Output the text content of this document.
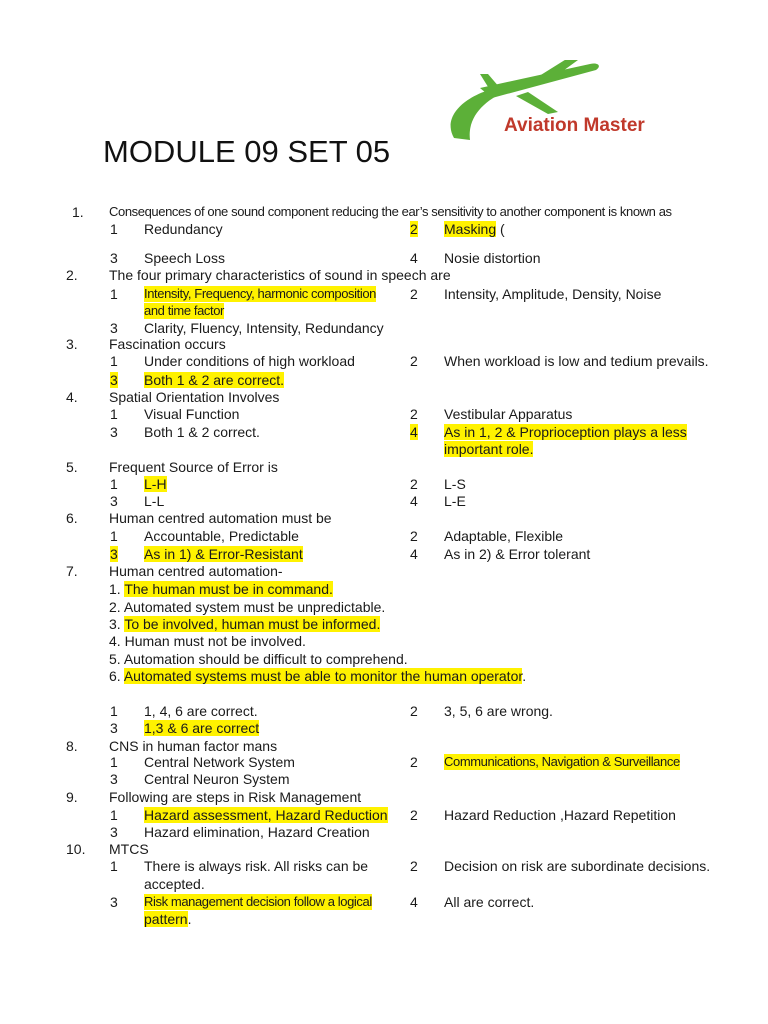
Aviation Master
MODULE 09 SET 05
1. Consequences of one sound component reducing the ear’s sensitivity to another component is known as
1 Redundancy	2 Masking (
3 Speech Loss	4 Nosie distortion
2. The four primary characteristics of sound in speech are
1 Intensity, Frequency, harmonic composition
and time factor
2 Intensity, Amplitude, Density, Noise
3 Clarity, Fluency, Intensity, Redundancy
3. Fascination occurs
1 Under conditions of high workload	2 When workload is low and tedium prevails.
3 Both 1 & 2 are correct.
4. Spatial Orientation Involves
1 Visual Function	2 Vestibular Apparatus
3 Both 1 & 2 correct.	4 As in 1, 2 & Proprioception plays a less
important role.
5. Frequent Source of Error is
1 L-H	2 L-S
3 L-L	4 L-E
6. Human centred automation must be
1 Accountable, Predictable	2 Adaptable, Flexible
3 As in 1) & Error-Resistant	4 As in 2) & Error tolerant
7. Human centred automation-
1. The human must be in command.
2. Automated system must be unpredictable.
3. To be involved, human must be informed.
4. Human must not be involved.
5. Automation should be difficult to comprehend.
6. Automated systems must be able to monitor the human operator.
1 1, 4, 6 are correct.	2 3, 5, 6 are wrong.
3 1,3 & 6 are correct
8. CNS in human factor mans
1 Central Network System	2 Communications, Navigation & Surveillance
3 Central Neuron System
9. Following are steps in Risk Management
1 Hazard assessment, Hazard Reduction 2 Hazard Reduction ,Hazard Repetition
3 Hazard elimination, Hazard Creation
10. MTCS
1 There is always risk. All risks can be
accepted.
2 Decision on risk are subordinate decisions.
3 Risk management decision follow a logical
pattern.
4 All are correct.
